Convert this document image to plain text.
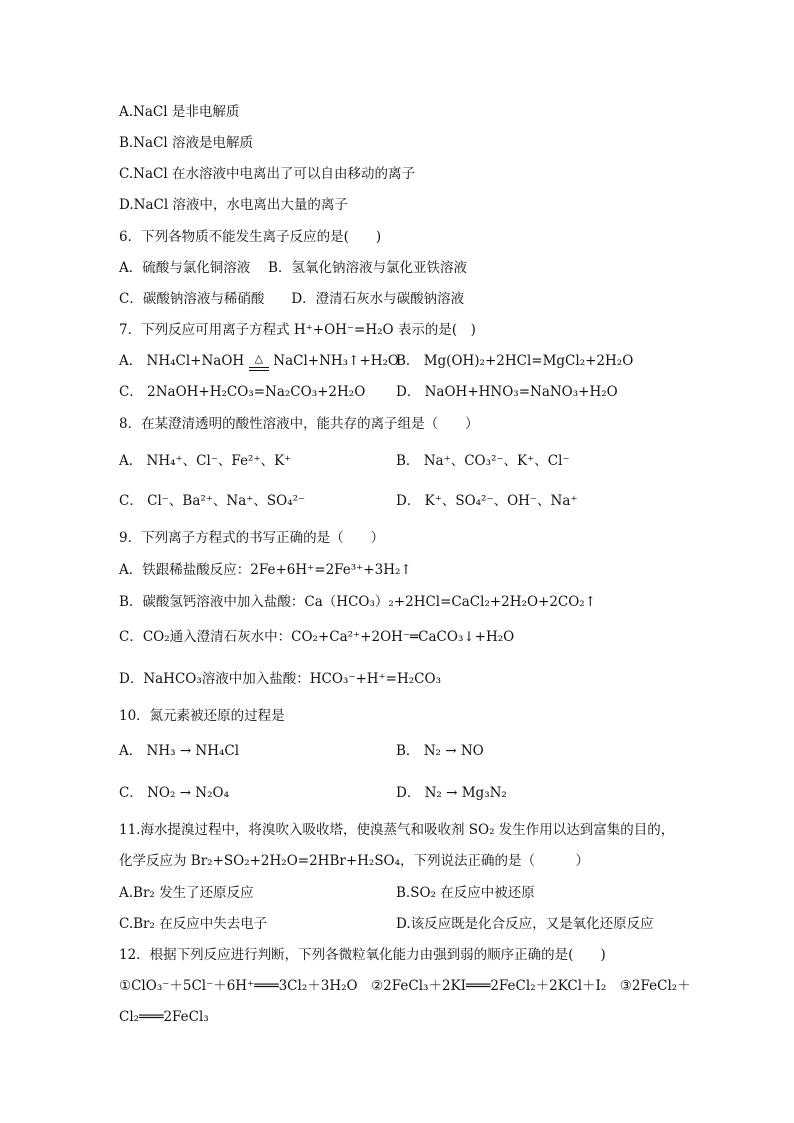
A.NaCl 是非电解质
B.NaCl 溶液是电解质
C.NaCl 在水溶液中电离出了可以自由移动的离子
D.NaCl 溶液中，水电离出大量的离子
6．下列各物质不能发生离子反应的是(　　)
A．硫酸与氯化铜溶液　 B．氢氧化钠溶液与氯化亚铁溶液
C．碳酸钠溶液与稀硝酸　　D．澄清石灰水与碳酸钠溶液
7．下列反应可用离子方程式 H⁺+OH⁻=H₂O 表示的是(　)
A． NH₄Cl+NaOH △ NaCl+NH₃↑+H₂O
B． Mg(OH)₂+2HCl=MgCl₂+2H₂O
C． 2NaOH+H₂CO₃=Na₂CO₃+2H₂O D． NaOH+HNO₃=NaNO₃+H₂O
8．在某澄清透明的酸性溶液中，能共存的离子组是（　　）
A． NH₄⁺、Cl⁻、Fe²⁺、K⁺	B． Na⁺、CO₃²⁻、K⁺、Cl⁻
C． Cl⁻、Ba²⁺、Na⁺、SO₄²⁻	D． K⁺、SO₄²⁻、OH⁻、Na⁺
9．下列离子方程式的书写正确的是（　　）
A．铁跟稀盐酸反应：2Fe+6H⁺=2Fe³⁺+3H₂↑
B．碳酸氢钙溶液中加入盐酸：Ca（HCO₃）₂+2HCl=CaCl₂+2H₂O+2CO₂↑
C．CO₂通入澄清石灰水中：CO₂+Ca²⁺+2OH⁻═CaCO₃↓+H₂O
D．NaHCO₃溶液中加入盐酸：HCO₃⁻+H⁺=H₂CO₃
10．氮元素被还原的过程是
A． NH₃ → NH₄Cl	B． N₂ → NO
C． NO₂ → N₂O₄	D． N₂ → Mg₃N₂
11.海水提溴过程中，将溴吹入吸收塔，使溴蒸气和吸收剂 SO₂ 发生作用以达到富集的目的，
化学反应为 Br₂+SO₂+2H₂O=2HBr+H₂SO₄，下列说法正确的是（　　　）
A.Br₂ 发生了还原反应	B.SO₂ 在反应中被还原
C.Br₂ 在反应中失去电子	D.该反应既是化合反应，又是氧化还原反应
12．根据下列反应进行判断，下列各微粒氧化能力由强到弱的顺序正确的是(　　)
①ClO₃⁻＋5Cl⁻＋6H⁺═══3Cl₂＋3H₂O　②2FeCl₃＋2KI═══2FeCl₂＋2KCl＋I₂　③2FeCl₂＋
Cl₂═══2FeCl₃
